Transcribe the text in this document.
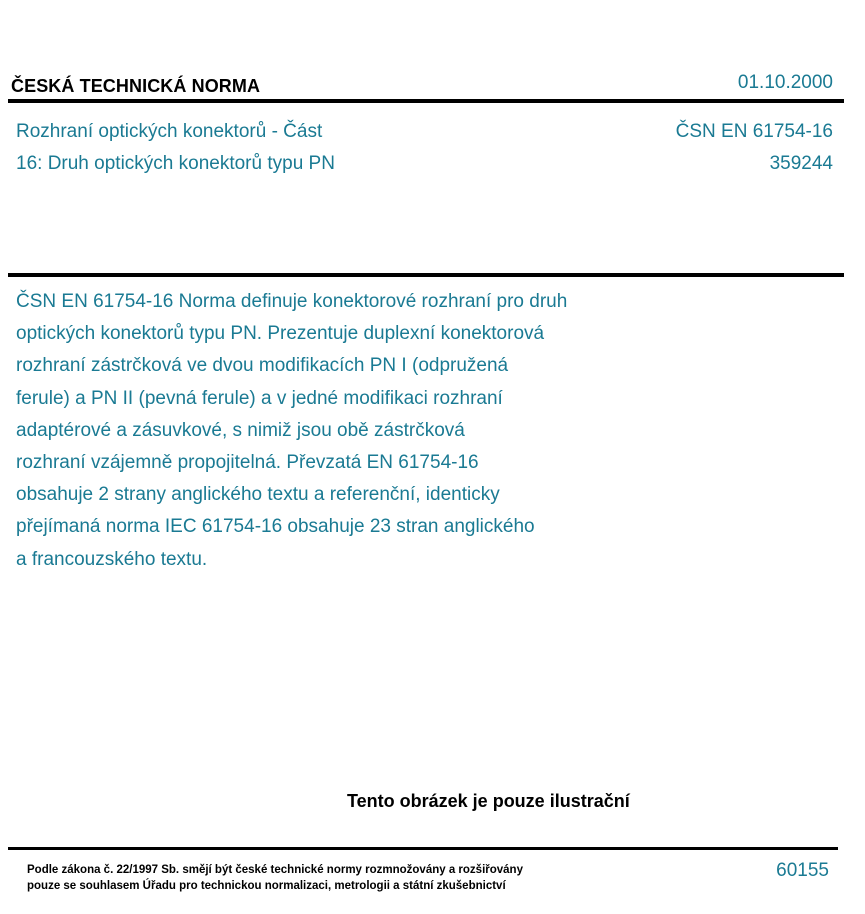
ČESKÁ TECHNICKÁ NORMA	01.10.2000
Rozhraní optických konektorů - Část
16: Druh optických konektorů typu PN
ČSN EN 61754-16
359244
ČSN EN 61754-16 Norma definuje konektorové rozhraní pro druh
optických konektorů typu PN. Prezentuje duplexní konektorová
rozhraní zástrčková ve dvou modifikacích PN I (odpružená
ferule) a PN II (pevná ferule) a v jedné modifikaci rozhraní
adaptérové a zásuvkové, s nimiž jsou obě zástrčková
rozhraní vzájemně propojitelná. Převzatá EN 61754-16
obsahuje 2 strany anglického textu a referenční, identicky
přejímaná norma IEC 61754-16 obsahuje 23 stran anglického
a francouzského textu.
Tento obrázek je pouze ilustrační
Podle zákona č. 22/1997 Sb. smějí být české technické normy rozmnožovány a rozšiřovány
pouze se souhlasem Úřadu pro technickou normalizaci, metrologii a státní zkušebnictví
60155
